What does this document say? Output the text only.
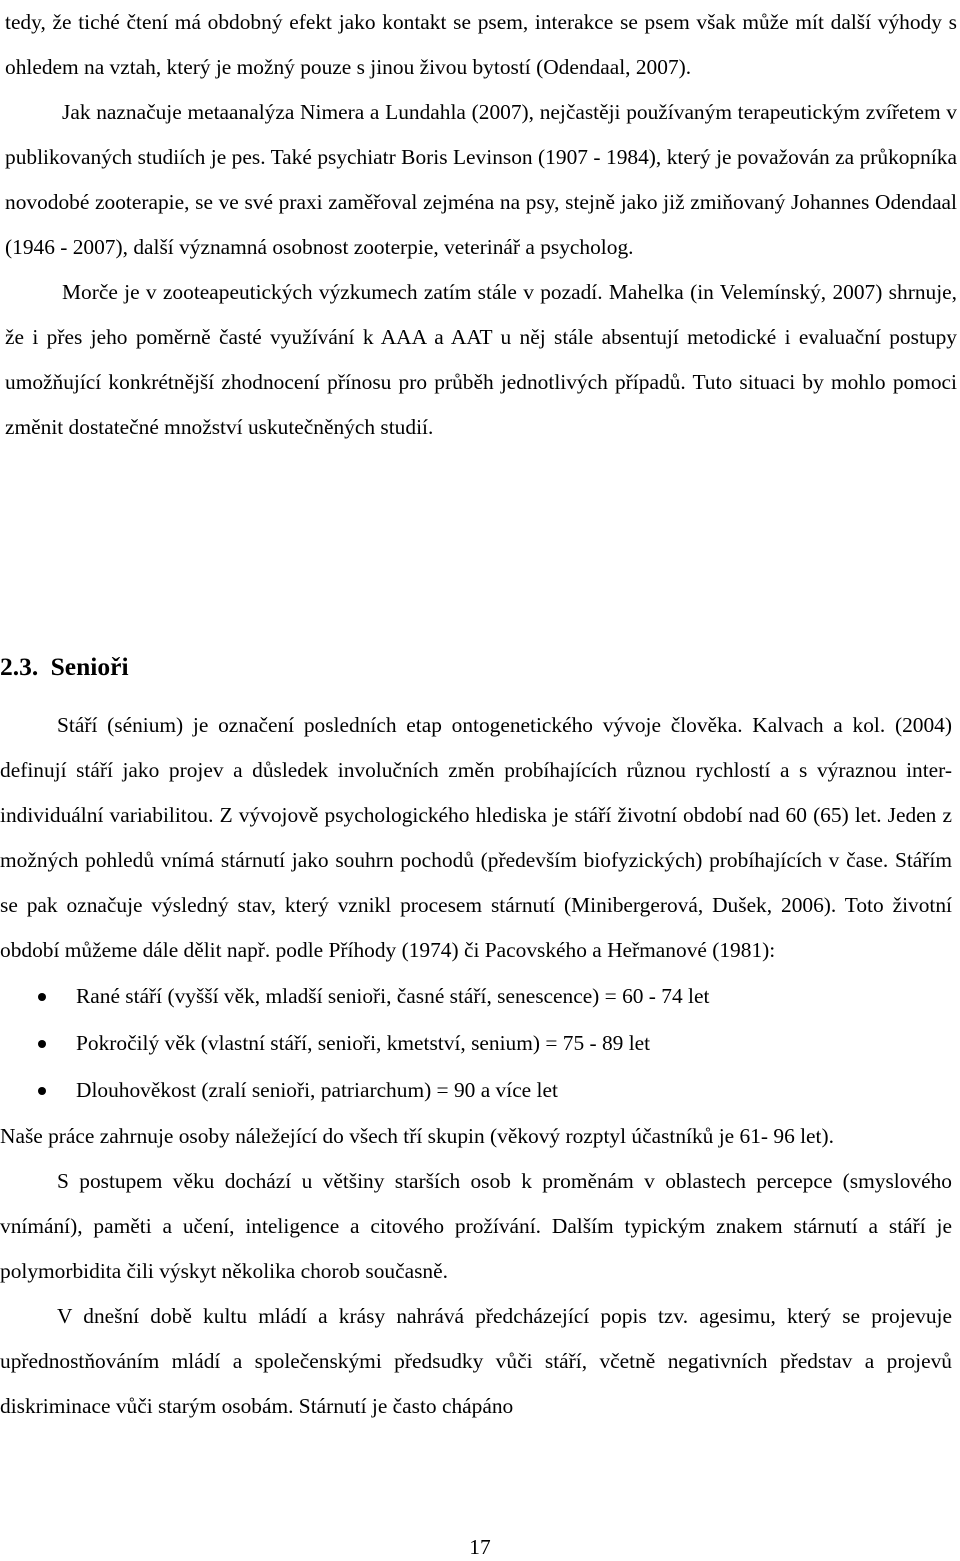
tedy, že tiché čtení má obdobný efekt jako kontakt se psem, interakce se psem však může mít další výhody s ohledem na vztah, který je možný pouze s jinou živou bytostí (Odendaal, 2007).

Jak naznačuje metaanalýza Nimera a Lundahla (2007), nejčastěji používaným terapeutickým zvířetem v publikovaných studiích je pes. Také psychiatr Boris Levinson (1907 - 1984), který je považován za průkopníka novodobé zooterapie, se ve své praxi zaměřoval zejména na psy, stejně jako již zmiňovaný Johannes Odendaal (1946 - 2007), další významná osobnost zooterpie, veterinář a psycholog.

Morče je v zooteapeutických výzkumech zatím stále v pozadí. Mahelka (in Velemínský, 2007) shrnuje, že i přes jeho poměrně časté využívání k AAA a AAT u něj stále absentují metodické i evaluační postupy umožňující konkrétnější zhodnocení přínosu pro průběh jednotlivých případů. Tuto situaci by mohlo pomoci změnit dostatečné množství uskutečněných studií.

2.3. Senioři

Stáří (sénium) je označení posledních etap ontogenetického vývoje člověka. Kalvach a kol. (2004) definují stáří jako projev a důsledek involučních změn probíhajících různou rychlostí a s výraznou inter-individuální variabilitou. Z vývojově psychologického hlediska je stáří životní období nad 60 (65) let. Jeden z možných pohledů vnímá stárnutí jako souhrn pochodů (především biofyzických) probíhajících v čase. Stářím se pak označuje výsledný stav, který vznikl procesem stárnutí (Minibergerová, Dušek, 2006). Toto životní období můžeme dále dělit např. podle Příhody (1974) či Pacovského a Heřmanové (1981):

Rané stáří (vyšší věk, mladší senioři, časné stáří, senescence) = 60 - 74 let
Pokročilý věk (vlastní stáří, senioři, kmetství, senium) = 75 - 89 let
Dlouhověkost (zralí senioři, patriarchum) = 90 a více let

Naše práce zahrnuje osoby náležející do všech tří skupin (věkový rozptyl účastníků je 61- 96 let).

S postupem věku dochází u většiny starších osob k proměnám v oblastech percepce (smyslového vnímání), paměti a učení, inteligence a citového prožívání. Dalším typickým znakem stárnutí a stáří je polymorbidita čili výskyt několika chorob současně.

V dnešní době kultu mládí a krásy nahrává předcházející popis tzv. agesimu, který se projevuje upřednostňováním mládí a společenskými předsudky vůči stáří, včetně negativních představ a projevů diskriminace vůči starým osobám. Stárnutí je často chápáno

17
